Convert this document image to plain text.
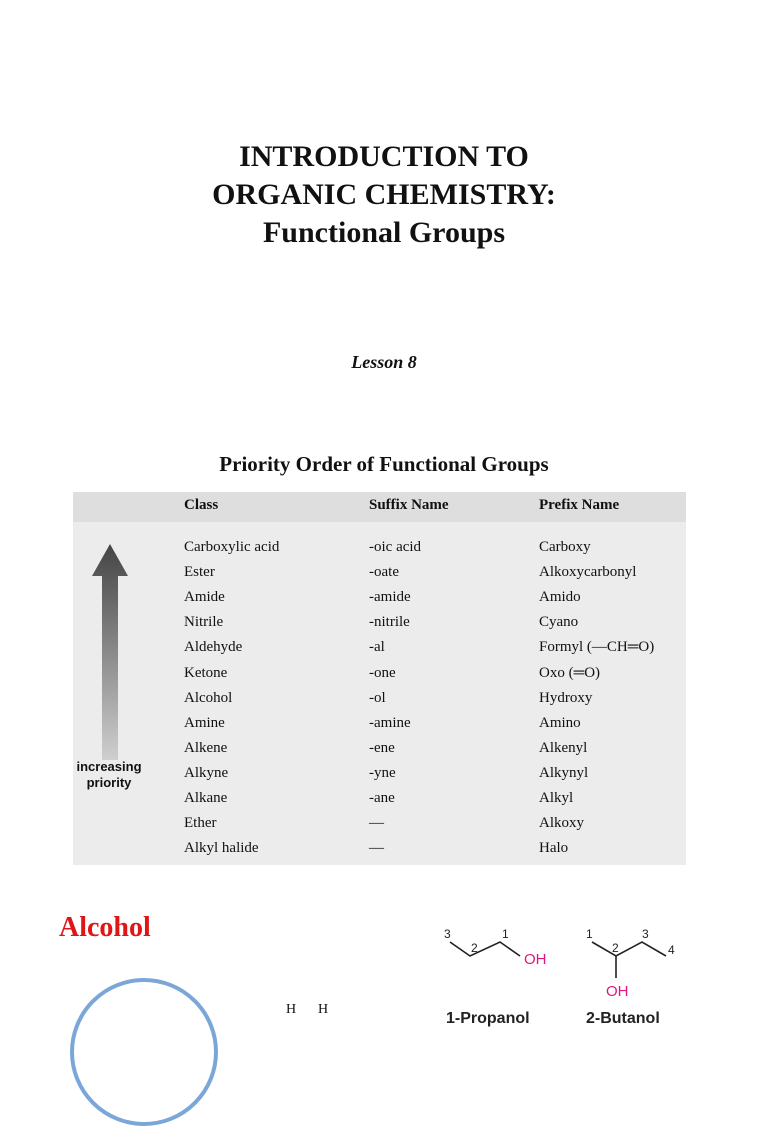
INTRODUCTION TO
ORGANIC CHEMISTRY:
Functional Groups
Lesson 8
Priority Order of Functional Groups
Class	Suffix Name	Prefix Name
increasing
priority
Carboxylic acid	-oic acid	Carboxy
Ester	-oate	Alkoxycarbonyl
Amide	-amide	Amido
Nitrile	-nitrile	Cyano
Aldehyde	-al	Formyl (—CH═O)
Ketone	-one	Oxo (═O)
Alcohol	-ol	Hydroxy
Amine	-amine	Amino
Alkene	-ene	Alkenyl
Alkyne	-yne	Alkynyl
Alkane	-ane	Alkyl
Ether	—	Alkoxy
Alkyl halide	—	Halo
Alcohol
H H
3
2
1
OH
1
2
3
4
OH
1-Propanol	2-Butanol
